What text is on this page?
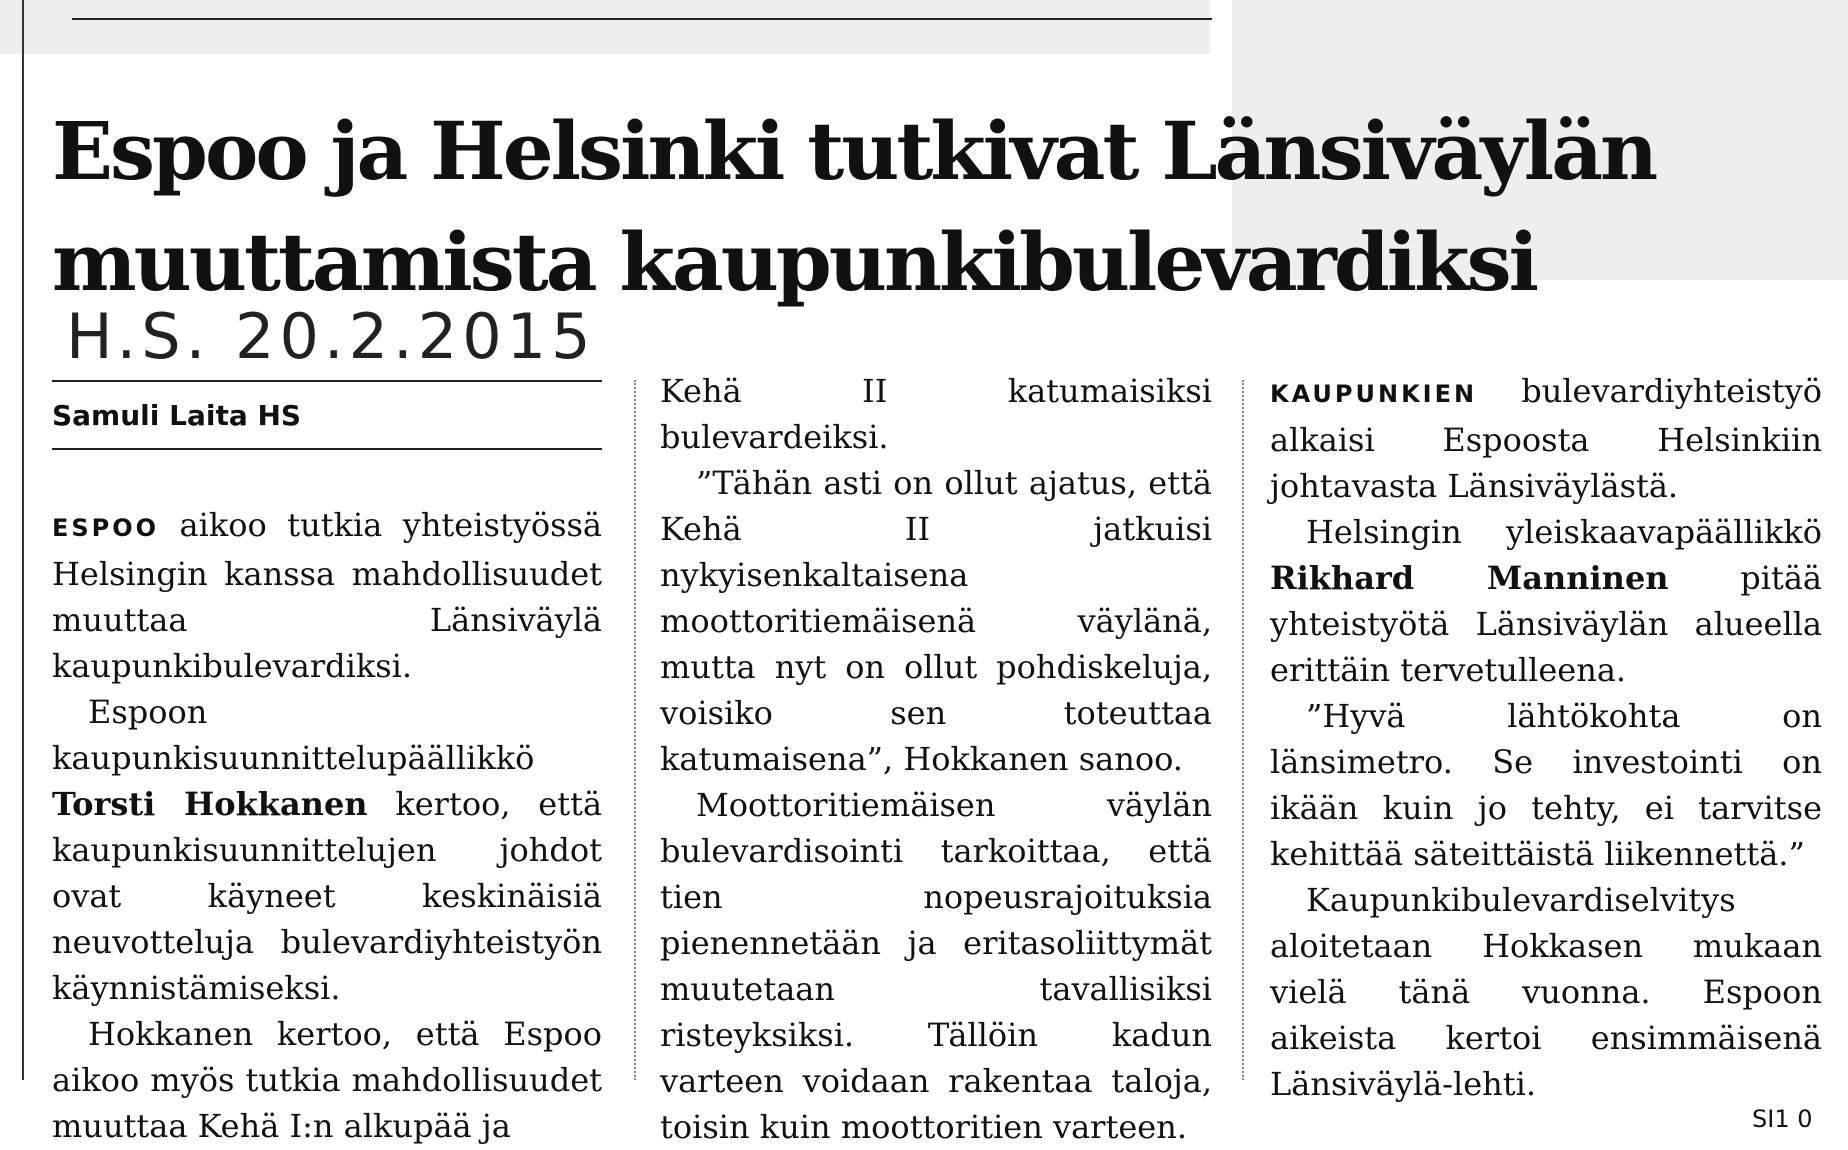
Espoo ja Helsinki tutkivat Länsiväylän
muuttamista kaupunkibulevardiksi
H.S. 20.2.2015
Samuli Laita HS

ESPOO aikoo tutkia yhteistyössä Helsingin kanssa mahdollisuudet muuttaa Länsiväylä kaupunkibulevardiksi.

Espoon kaupunkisuunnittelupäällikkö Torsti Hokkanen kertoo, että kaupunkisuunnittelujen johdot ovat käyneet keskinäisiä neuvotteluja bulevardiyhteistyön käynnistämiseksi.

Hokkanen kertoo, että Espoo aikoo myös tutkia mahdollisuudet muuttaa Kehä I:n alkupää ja

Kehä II katumaisiksi bulevardeiksi.

”Tähän asti on ollut ajatus, että Kehä II jatkuisi nykyisenkaltaisena moottoritiemäisenä väylänä, mutta nyt on ollut pohdiskeluja, voisiko sen toteuttaa katumaisena”, Hokkanen sanoo.

Moottoritiemäisen väylän bulevardisointi tarkoittaa, että tien nopeusrajoituksia pienennetään ja eritasoliittymät muutetaan tavallisiksi risteyksiksi. Tällöin kadun varteen voidaan rakentaa taloja, toisin kuin moottoritien varteen.

KAUPUNKIEN bulevardiyhteistyö alkaisi Espoosta Helsinkiin johtavasta Länsiväylästä.

Helsingin yleiskaavapäällikkö Rikhard Manninen pitää yhteistyötä Länsiväylän alueella erittäin tervetulleena.

”Hyvä lähtökohta on länsimetro. Se investointi on ikään kuin jo tehty, ei tarvitse kehittää säteittäistä liikennettä.”

Kaupunkibulevardiselvitys aloitetaan Hokkasen mukaan vielä tänä vuonna. Espoon aikeista kertoi ensimmäisenä Länsiväylä-lehti.

SI1 0
